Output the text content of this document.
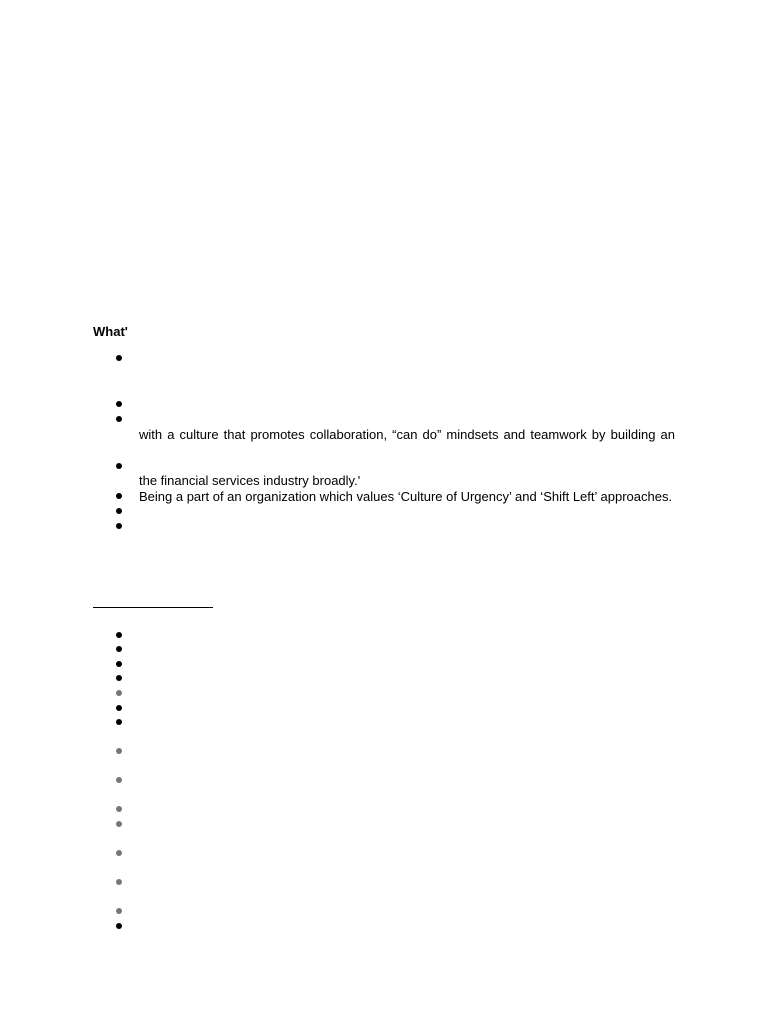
What'
with a culture that promotes collaboration, “can do” mindsets and teamwork by building an
the financial services industry broadly.'
Being a part of an organization which values ‘Culture of Urgency’ and ‘Shift Left’ approaches.
